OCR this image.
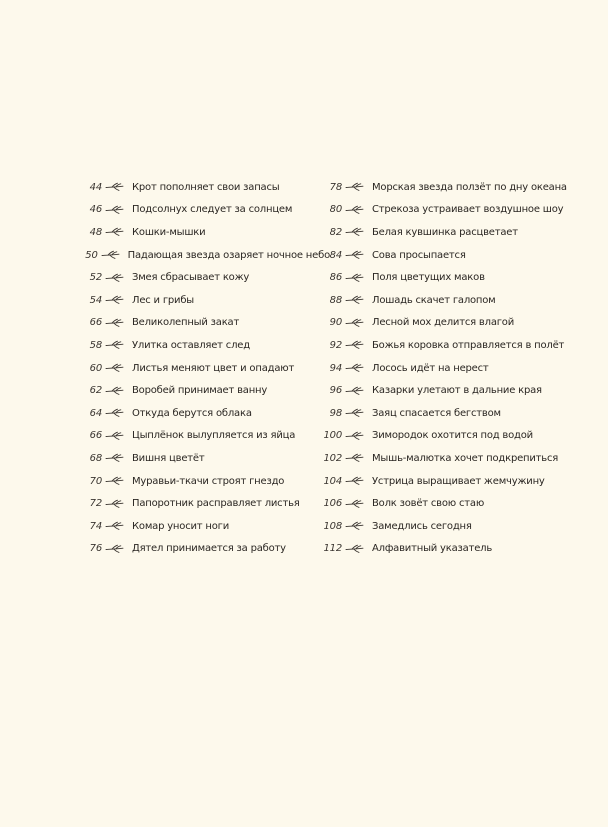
44	Крот пополняет свои запасы
46	Подсолнух следует за солнцем
48	Кошки-мышки
50	Падающая звезда озаряет ночное небо
52	Змея сбрасывает кожу
54	Лес и грибы
66	Великолепный закат
58	Улитка оставляет след
60	Листья меняют цвет и опадают
62	Воробей принимает ванну
64	Откуда берутся облака
66	Цыплёнок вылупляется из яйца
68	Вишня цветёт
70	Муравьи-ткачи строят гнездо
72	Папоротник расправляет листья
74	Комар уносит ноги
76	Дятел принимается за работу
78	Морская звезда ползёт по дну океана
80	Стрекоза устраивает воздушное шоу
82	Белая кувшинка расцветает
84	Сова просыпается
86	Поля цветущих маков
88	Лошадь скачет галопом
90	Лесной мох делится влагой
92	Божья коровка отправляется в полёт
94	Лосось идёт на нерест
96	Казарки улетают в дальние края
98	Заяц спасается бегством
100	Зимородок охотится под водой
102	Мышь-малютка хочет подкрепиться
104	Устрица выращивает жемчужину
106	Волк зовёт свою стаю
108	Замедлись сегодня
112	Алфавитный указатель
